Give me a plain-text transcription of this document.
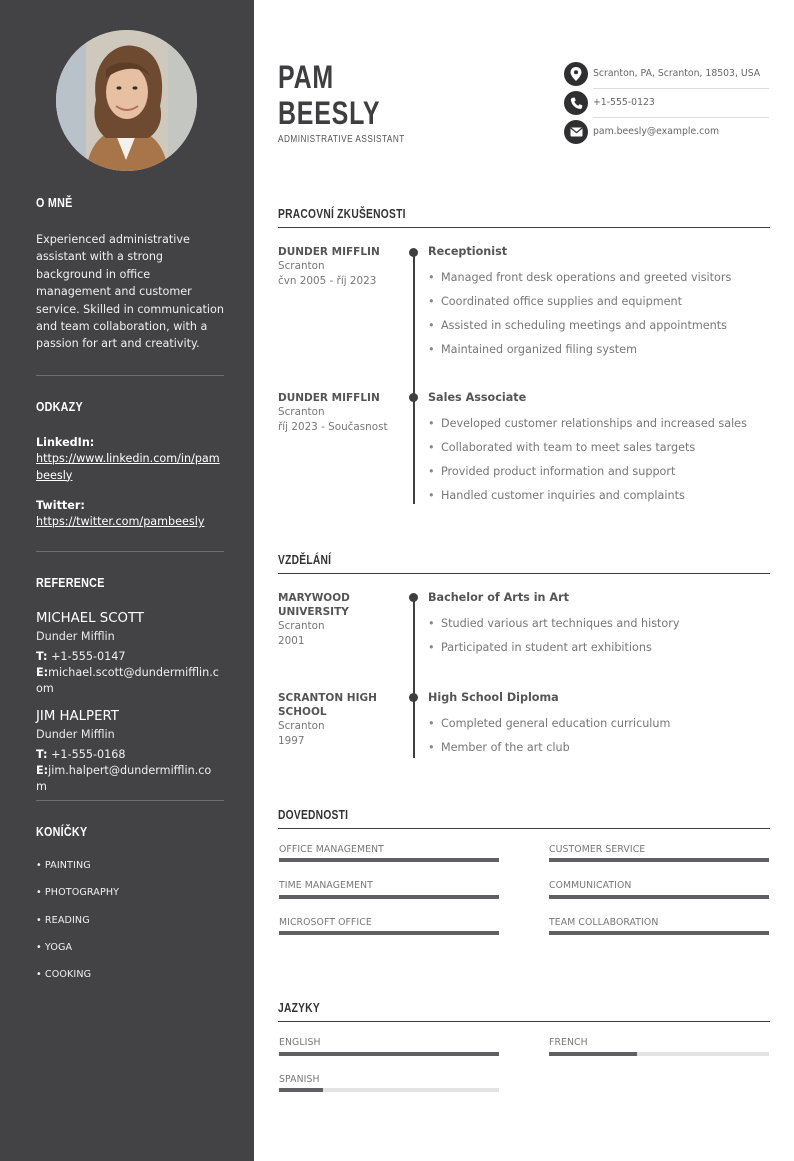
O MNĚ
Experienced administrative assistant with a strong background in office management and customer service. Skilled in communication and team collaboration, with a passion for art and creativity.
ODKAZY
LinkedIn:
https://www.linkedin.com/in/pambeesly
Twitter:
https://twitter.com/pambeesly
REFERENCE
MICHAEL SCOTT
Dunder Mifflin
T: +1-555-0147
E:michael.scott@dundermifflin.com
JIM HALPERT
Dunder Mifflin
T: +1-555-0168
E:jim.halpert@dundermifflin.com
KONÍČKY
• PAINTING
• PHOTOGRAPHY
• READING
• YOGA
• COOKING
PAM
BEESLY
ADMINISTRATIVE ASSISTANT
Scranton, PA, Scranton, 18503, USA
+1-555-0123
pam.beesly@example.com
PRACOVNÍ ZKUŠENOSTI
DUNDER MIFFLIN
Scranton
čvn 2005 - říj 2023
Receptionist
• Managed front desk operations and greeted visitors
• Coordinated office supplies and equipment
• Assisted in scheduling meetings and appointments
• Maintained organized filing system
DUNDER MIFFLIN
Scranton
říj 2023 - Současnost
Sales Associate
• Developed customer relationships and increased sales
• Collaborated with team to meet sales targets
• Provided product information and support
• Handled customer inquiries and complaints
VZDĚLÁNÍ
MARYWOOD UNIVERSITY
Scranton
2001
Bachelor of Arts in Art
• Studied various art techniques and history
• Participated in student art exhibitions
SCRANTON HIGH SCHOOL
Scranton
1997
High School Diploma
• Completed general education curriculum
• Member of the art club
DOVEDNOSTI
OFFICE MANAGEMENT	CUSTOMER SERVICE
TIME MANAGEMENT	COMMUNICATION
MICROSOFT OFFICE	TEAM COLLABORATION
JAZYKY
ENGLISH	FRENCH
SPANISH
